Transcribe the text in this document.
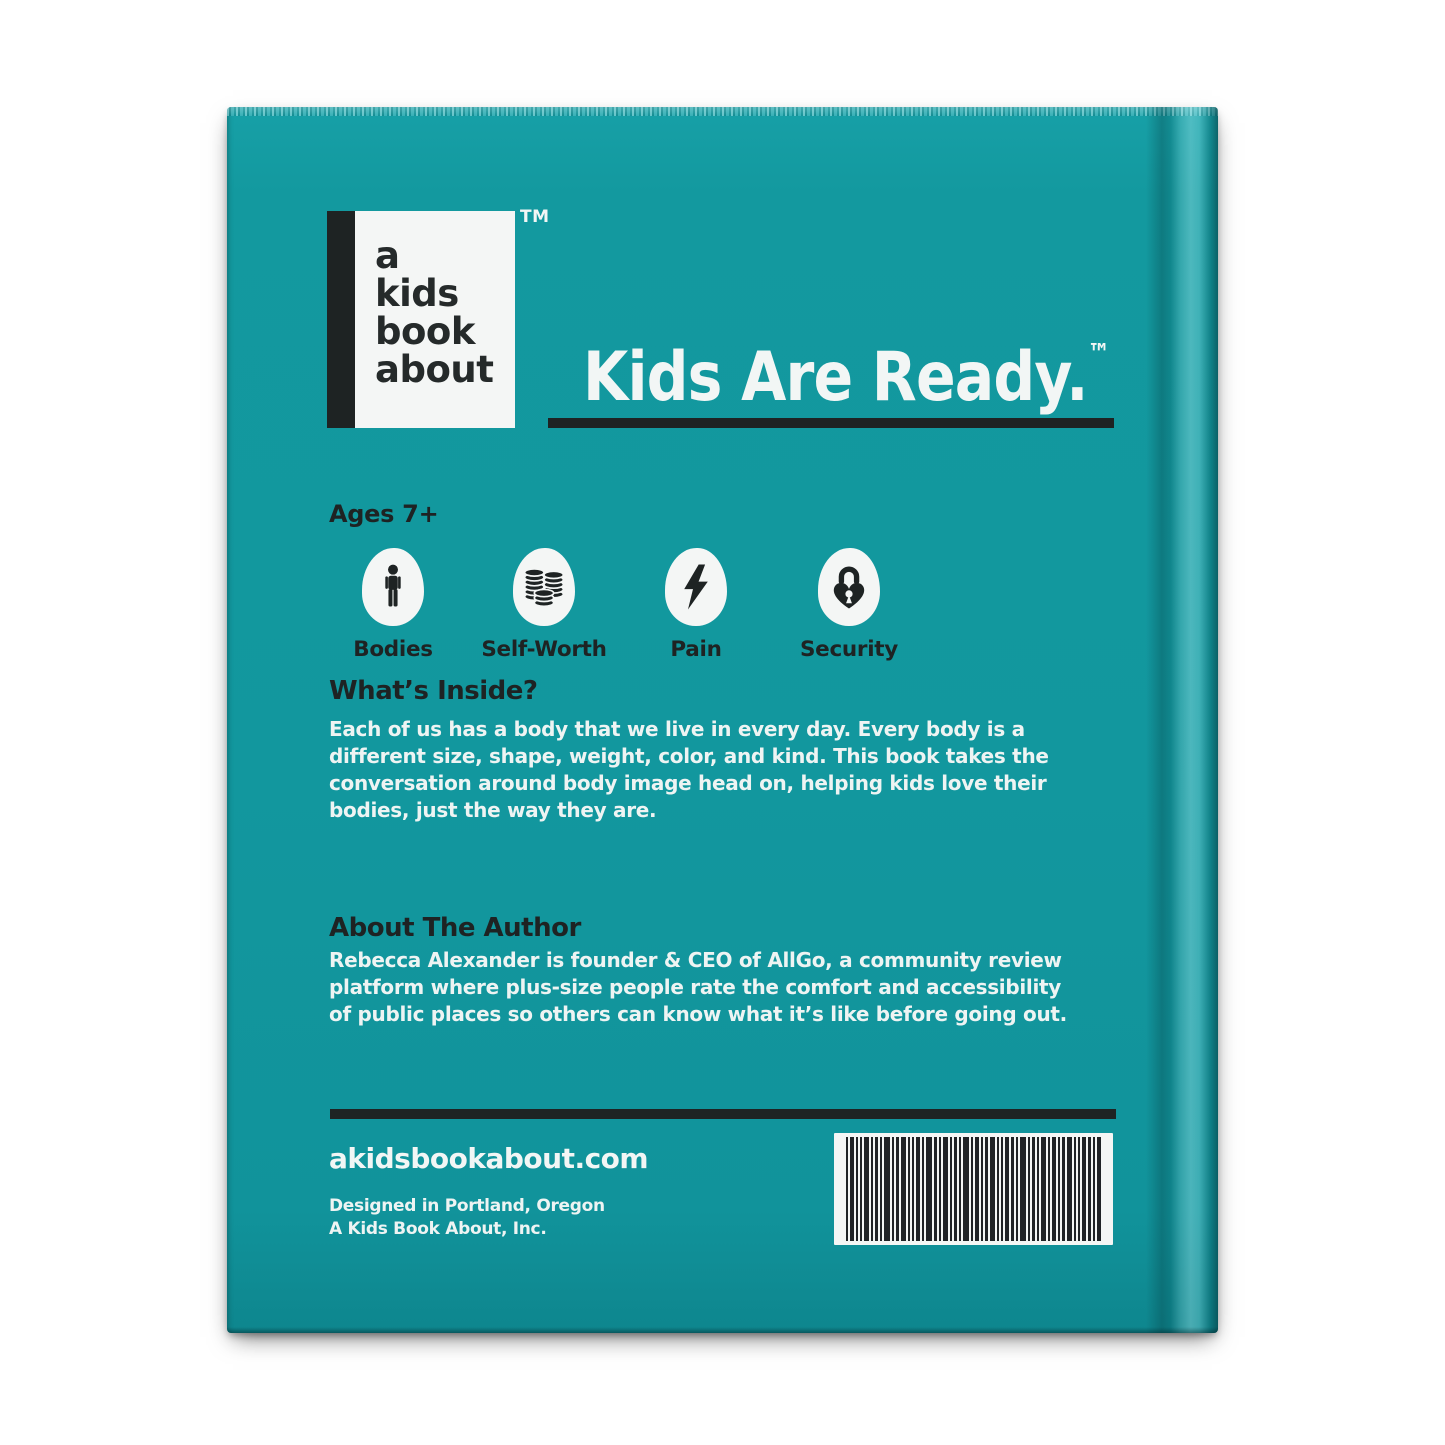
a
kids
book
about
TM
Kids Are Ready.™
Ages 7+
Bodies	Self-Worth	Pain	Security
What’s Inside?
Each of us has a body that we live in every day. Every body is a
different size, shape, weight, color, and kind. This book takes the
conversation around body image head on, helping kids love their
bodies, just the way they are.
About The Author
Rebecca Alexander is founder & CEO of AllGo, a community review
platform where plus-size people rate the comfort and accessibility
of public places so others can know what it’s like before going out.
akidsbookabout.com
Designed in Portland, Oregon
A Kids Book About, Inc.
